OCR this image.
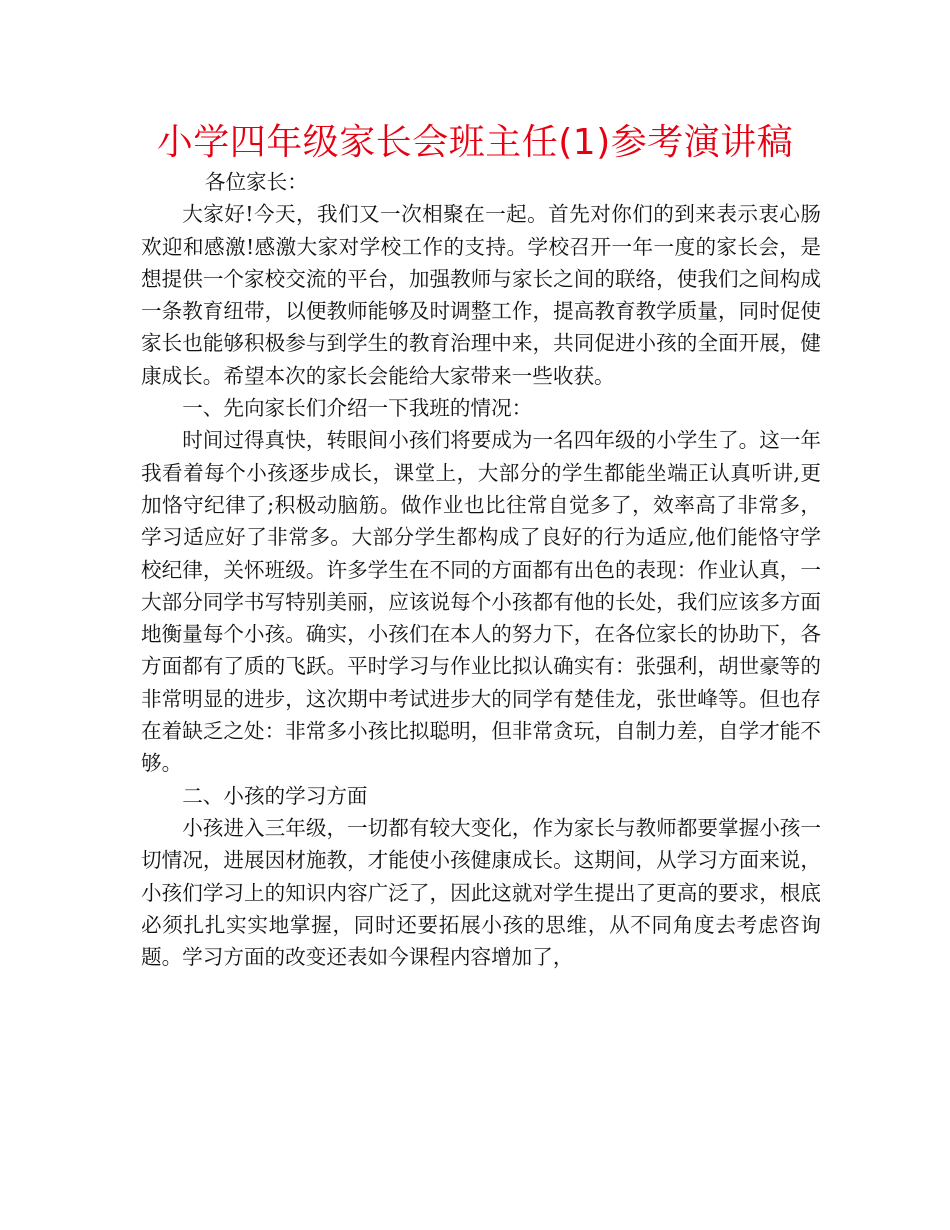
小学四年级家长会班主任(1)参考演讲稿

各位家长：

大家好!今天，我们又一次相聚在一起。首先对你们的到来表示衷心肠欢迎和感激!感激大家对学校工作的支持。学校召开一年一度的家长会，是想提供一个家校交流的平台，加强教师与家长之间的联络，使我们之间构成一条教育纽带，以便教师能够及时调整工作，提高教育教学质量，同时促使家长也能够积极参与到学生的教育治理中来，共同促进小孩的全面开展，健康成长。希望本次的家长会能给大家带来一些收获。

一、先向家长们介绍一下我班的情况：

时间过得真快，转眼间小孩们将要成为一名四年级的小学生了。这一年我看着每个小孩逐步成长，课堂上，大部分的学生都能坐端正认真听讲,更加恪守纪律了;积极动脑筋。做作业也比往常自觉多了，效率高了非常多，学习适应好了非常多。大部分学生都构成了良好的行为适应,他们能恪守学校纪律，关怀班级。许多学生在不同的方面都有出色的表现：作业认真，一大部分同学书写特别美丽，应该说每个小孩都有他的长处，我们应该多方面地衡量每个小孩。确实，小孩们在本人的努力下，在各位家长的协助下，各方面都有了质的飞跃。平时学习与作业比拟认确实有：张强利，胡世豪等的非常明显的进步，这次期中考试进步大的同学有楚佳龙，张世峰等。但也存在着缺乏之处：非常多小孩比拟聪明，但非常贪玩，自制力差，自学才能不够。

二、小孩的学习方面

小孩进入三年级，一切都有较大变化，作为家长与教师都要掌握小孩一切情况，进展因材施教，才能使小孩健康成长。这期间，从学习方面来说，小孩们学习上的知识内容广泛了，因此这就对学生提出了更高的要求，根底必须扎扎实实地掌握，同时还要拓展小孩的思维，从不同角度去考虑咨询题。学习方面的改变还表如今课程内容增加了，
